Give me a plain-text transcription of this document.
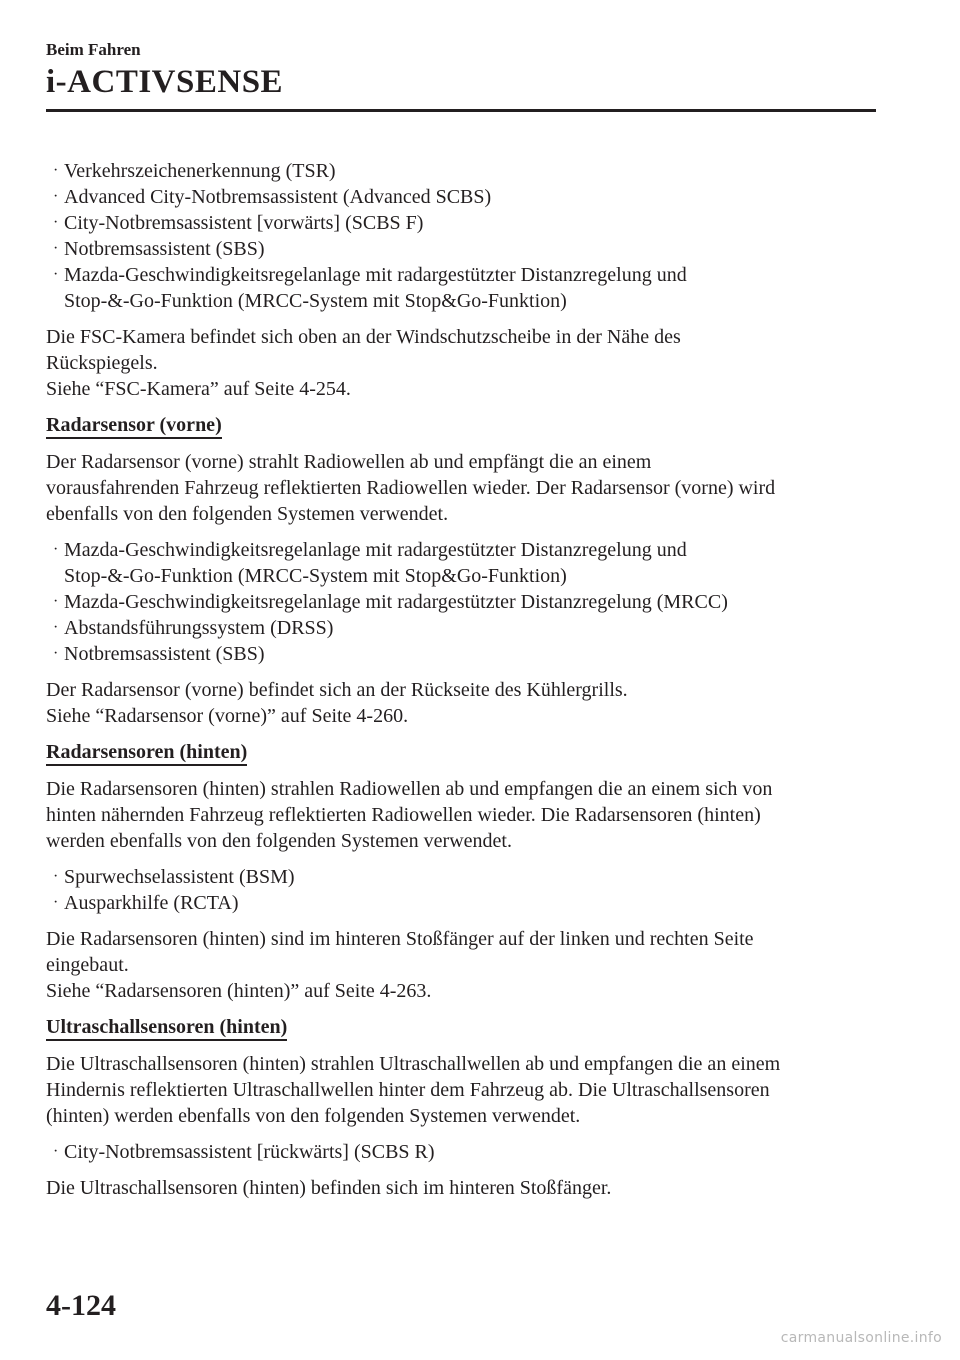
Beim Fahren
i-ACTIVSENSE
· Verkehrszeichenerkennung (TSR)
· Advanced City-Notbremsassistent (Advanced SCBS)
· City-Notbremsassistent [vorwärts] (SCBS F)
· Notbremsassistent (SBS)
· Mazda-Geschwindigkeitsregelanlage mit radargestützter Distanzregelung und
Stop-&-Go-Funktion (MRCC-System mit Stop&Go-Funktion)

Die FSC-Kamera befindet sich oben an der Windschutzscheibe in der Nähe des
Rückspiegels.
Siehe “FSC-Kamera” auf Seite 4-254.

Radarsensor (vorne)

Der Radarsensor (vorne) strahlt Radiowellen ab und empfängt die an einem
vorausfahrenden Fahrzeug reflektierten Radiowellen wieder. Der Radarsensor (vorne) wird
ebenfalls von den folgenden Systemen verwendet.

· Mazda-Geschwindigkeitsregelanlage mit radargestützter Distanzregelung und
Stop-&-Go-Funktion (MRCC-System mit Stop&Go-Funktion)
· Mazda-Geschwindigkeitsregelanlage mit radargestützter Distanzregelung (MRCC)
· Abstandsführungssystem (DRSS)
· Notbremsassistent (SBS)

Der Radarsensor (vorne) befindet sich an der Rückseite des Kühlergrills.
Siehe “Radarsensor (vorne)” auf Seite 4-260.

Radarsensoren (hinten)

Die Radarsensoren (hinten) strahlen Radiowellen ab und empfangen die an einem sich von
hinten nähernden Fahrzeug reflektierten Radiowellen wieder. Die Radarsensoren (hinten)
werden ebenfalls von den folgenden Systemen verwendet.

· Spurwechselassistent (BSM)
· Ausparkhilfe (RCTA)

Die Radarsensoren (hinten) sind im hinteren Stoßfänger auf der linken und rechten Seite
eingebaut.
Siehe “Radarsensoren (hinten)” auf Seite 4-263.

Ultraschallsensoren (hinten)

Die Ultraschallsensoren (hinten) strahlen Ultraschallwellen ab und empfangen die an einem
Hindernis reflektierten Ultraschallwellen hinter dem Fahrzeug ab. Die Ultraschallsensoren
(hinten) werden ebenfalls von den folgenden Systemen verwendet.

· City-Notbremsassistent [rückwärts] (SCBS R)

Die Ultraschallsensoren (hinten) befinden sich im hinteren Stoßfänger.

4-124
carmanualsonline.info
